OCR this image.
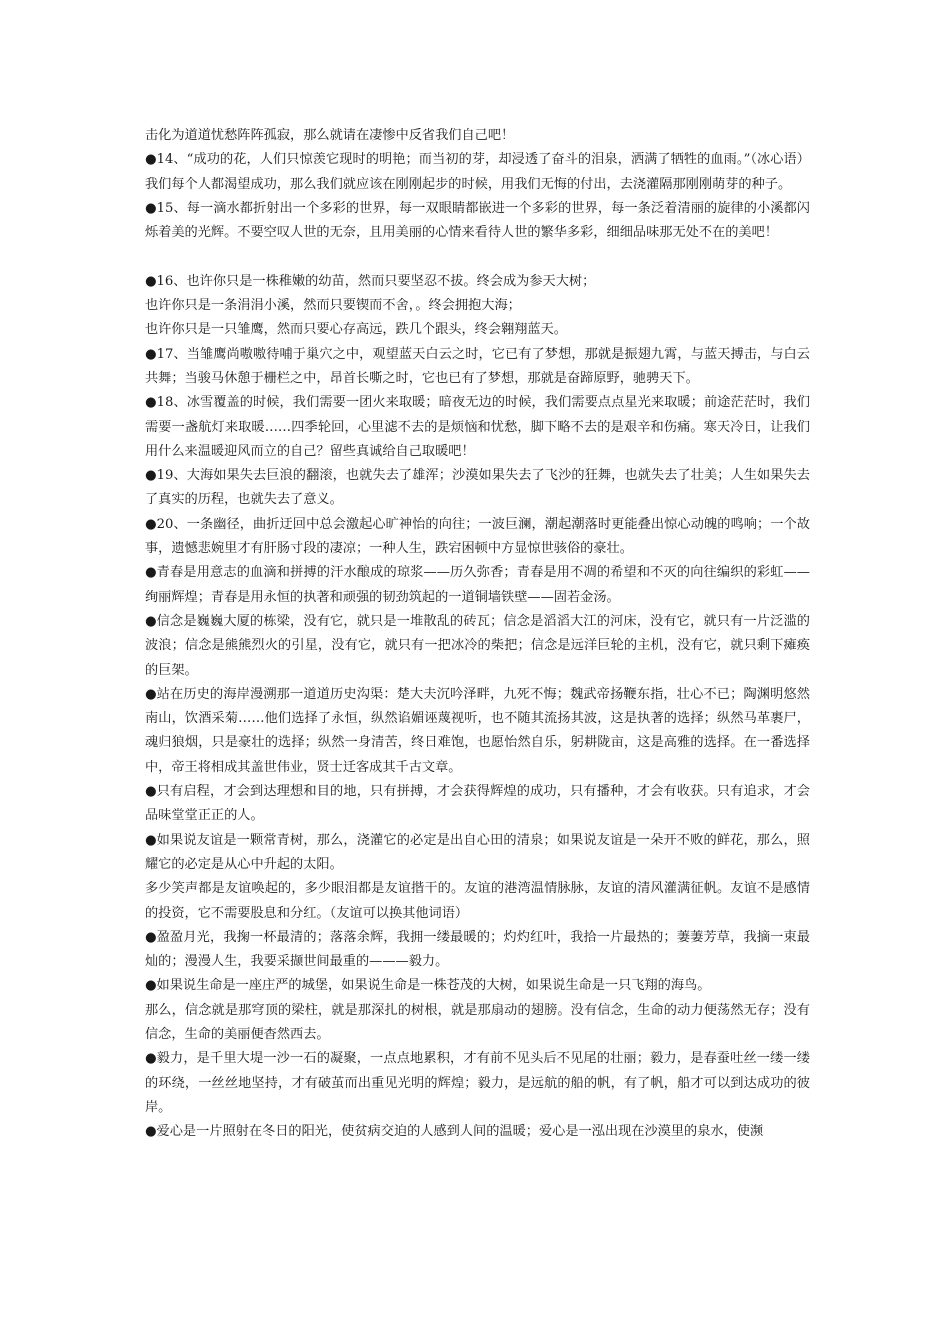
击化为道道忧愁阵阵孤寂，那么就请在凄惨中反省我们自己吧！

●14、“成功的花，人们只惊羡它现时的明艳；而当初的芽，却浸透了奋斗的泪泉，洒满了牺牲的血雨。”（冰心语）我们每个人都渴望成功，那么我们就应该在刚刚起步的时候，用我们无悔的付出，去浇灌隔那刚刚萌芽的种子。

●15、每一滴水都折射出一个多彩的世界，每一双眼睛都嵌进一个多彩的世界，每一条泛着清丽的旋律的小溪都闪烁着美的光辉。不要空叹人世的无奈，且用美丽的心情来看待人世的繁华多彩，细细品味那无处不在的美吧！

●16、也许你只是一株稚嫩的幼苗，然而只要坚忍不拔。终会成为参天大树；

也许你只是一条涓涓小溪，然而只要锲而不舍，。终会拥抱大海；

也许你只是一只雏鹰，然而只要心存高远，跌几个跟头，终会翱翔蓝天。

●17、当雏鹰尚嗷嗷待哺于巢穴之中，观望蓝天白云之时，它已有了梦想，那就是振翅九霄，与蓝天搏击，与白云共舞；当骏马休憩于栅栏之中，昂首长嘶之时，它也已有了梦想，那就是奋蹄原野，驰骋天下。

●18、冰雪覆盖的时候，我们需要一团火来取暖；暗夜无边的时候，我们需要点点星光来取暖；前途茫茫时，我们需要一盏航灯来取暖……四季轮回，心里滤不去的是烦恼和忧愁，脚下略不去的是艰辛和伤痛。寒天冷日，让我们用什么来温暖迎风而立的自己？留些真诚给自己取暖吧！

●19、大海如果失去巨浪的翻滚，也就失去了雄浑；沙漠如果失去了飞沙的狂舞，也就失去了壮美；人生如果失去了真实的历程，也就失去了意义。

●20、一条幽径，曲折迂回中总会激起心旷神怡的向往；一波巨澜，潮起潮落时更能叠出惊心动魄的鸣响；一个故事，遗憾悲婉里才有肝肠寸段的凄凉；一种人生，跌宕困顿中方显惊世骇俗的豪壮。

●青春是用意志的血滴和拼搏的汗水酿成的琼浆——历久弥香；青春是用不凋的希望和不灭的向往编织的彩虹——绚丽辉煌；青春是用永恒的执著和顽强的韧劲筑起的一道铜墙铁壁——固若金汤。

●信念是巍巍大厦的栋梁，没有它，就只是一堆散乱的砖瓦；信念是滔滔大江的河床，没有它，就只有一片泛滥的波浪；信念是熊熊烈火的引星，没有它，就只有一把冰冷的柴把；信念是远洋巨轮的主机，没有它，就只剩下瘫痪的巨架。

●站在历史的海岸漫溯那一道道历史沟渠：楚大夫沉吟泽畔，九死不悔；魏武帝扬鞭东指，壮心不已；陶渊明悠然南山，饮酒采菊……他们选择了永恒，纵然谄媚诬蔑视听，也不随其流扬其波，这是执著的选择；纵然马革裹尸，魂归狼烟，只是豪壮的选择；纵然一身清苦，终日难饱，也愿怡然自乐，躬耕陇亩，这是高雅的选择。在一番选择中，帝王将相成其盖世伟业，贤士迁客成其千古文章。

●只有启程，才会到达理想和目的地，只有拼搏，才会获得辉煌的成功，只有播种，才会有收获。只有追求，才会品味堂堂正正的人。

●如果说友谊是一颗常青树，那么，浇灌它的必定是出自心田的清泉；如果说友谊是一朵开不败的鲜花，那么，照耀它的必定是从心中升起的太阳。

多少笑声都是友谊唤起的，多少眼泪都是友谊揩干的。友谊的港湾温情脉脉，友谊的清风灌满征帆。友谊不是感情的投资，它不需要股息和分红。（友谊可以换其他词语）

●盈盈月光，我掬一杯最清的；落落余辉，我拥一缕最暖的；灼灼红叶，我拾一片最热的；萋萋芳草，我摘一束最灿的；漫漫人生，我要采撷世间最重的———毅力。

●如果说生命是一座庄严的城堡，如果说生命是一株苍茂的大树，如果说生命是一只飞翔的海鸟。

那么，信念就是那穹顶的梁柱，就是那深扎的树根，就是那扇动的翅膀。没有信念，生命的动力便荡然无存；没有信念，生命的美丽便杳然西去。

●毅力，是千里大堤一沙一石的凝聚，一点点地累积，才有前不见头后不见尾的壮丽；毅力，是春蚕吐丝一缕一缕的环绕，一丝丝地坚持，才有破茧而出重见光明的辉煌；毅力，是远航的船的帆，有了帆，船才可以到达成功的彼岸。

●爱心是一片照射在冬日的阳光，使贫病交迫的人感到人间的温暖；爱心是一泓出现在沙漠里的泉水，使濒
